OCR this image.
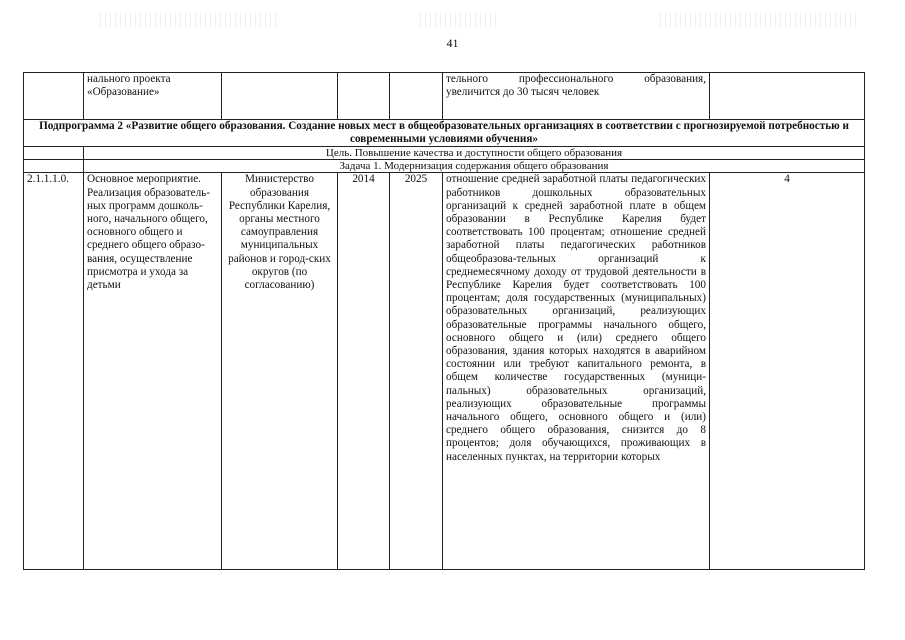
41
	нального проекта «Образование»				тельного профессионального образования, увеличится до 30 тысяч человек	
Подпрограмма 2 «Развитие общего образования. Создание новых мест в общеобразовательных организациях в соответствии с прогнозируемой потребностью и современными условиями обучения»						
	Цель. Повышение качества и доступности общего образования					
	Задача 1. Модернизация содержания общего образования					
2.1.1.1.0.	Основное мероприятие. Реализация образователь-ных программ дошколь-ного, начального общего, основного общего и среднего общего образо-вания, осуществление присмотра и ухода за детьми	Министерство образования Республики Карелия, органы местного самоуправления муниципальных районов и город-ских округов (по согласованию)	2014	2025	отношение средней заработной платы педагогических работников дошкольных образовательных организаций к средней заработной плате в общем образовании в Республике Карелия будет соответствовать 100 процентам; отношение средней заработной платы педагогических работников общеобразова-тельных организаций к среднемесячному доходу от трудовой деятельности в Республике Карелия будет соответствовать 100 процентам; доля государственных (муниципальных) образовательных организаций, реализующих образовательные программы начального общего, основного общего и (или) среднего общего образования, здания которых находятся в аварийном состоянии или требуют капитального ремонта, в общем количестве государственных (муници-пальных) образовательных организаций, реализующих образовательные программы начального общего, основного общего и (или) среднего общего образования, снизится до 8 процентов; доля обучающихся, проживающих в населенных пунктах, на территории которых	4
